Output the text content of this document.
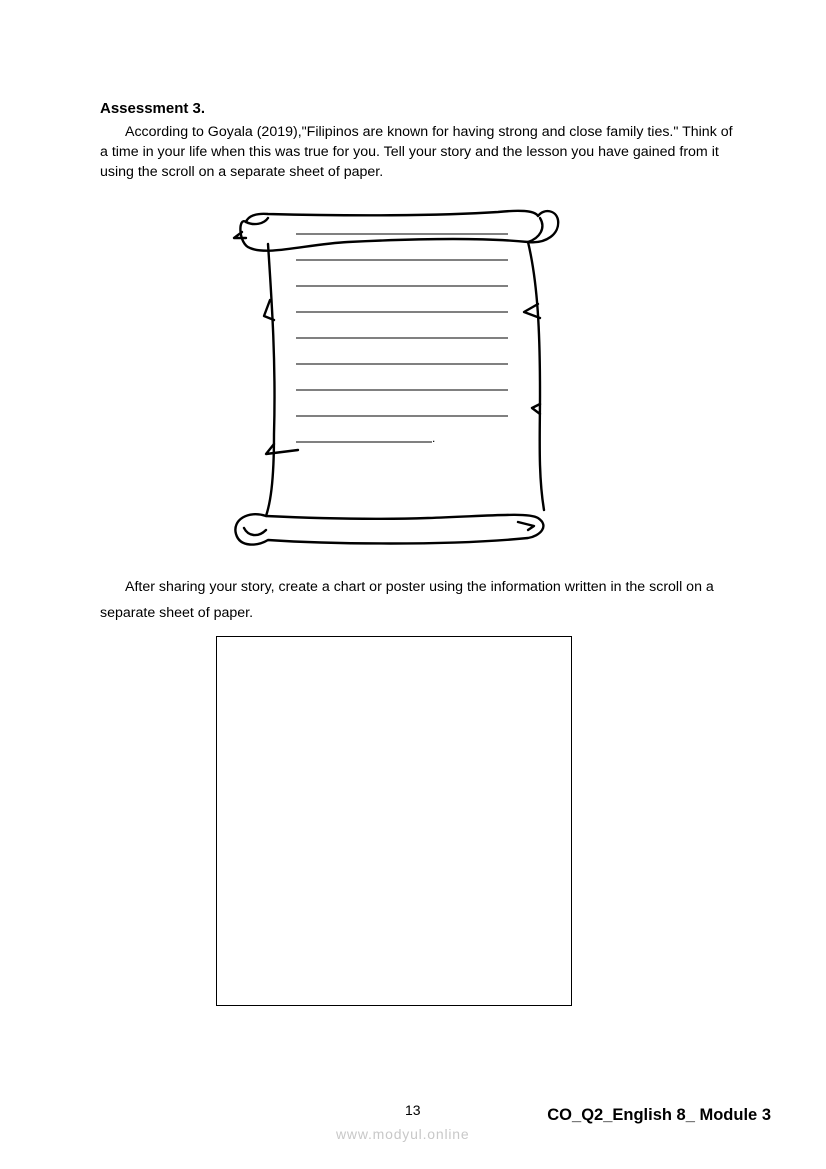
Assessment 3.

According to Goyala (2019),"Filipinos are known for having strong and close family ties." Think of a time in your life when this was true for you. Tell your story and the lesson you have gained from it using the scroll on a separate sheet of paper.

.

After sharing your story, create a chart or poster using the information written in the scroll on a separate sheet of paper.

13	CO_Q2_English 8_ Module 3
www.modyul.online
